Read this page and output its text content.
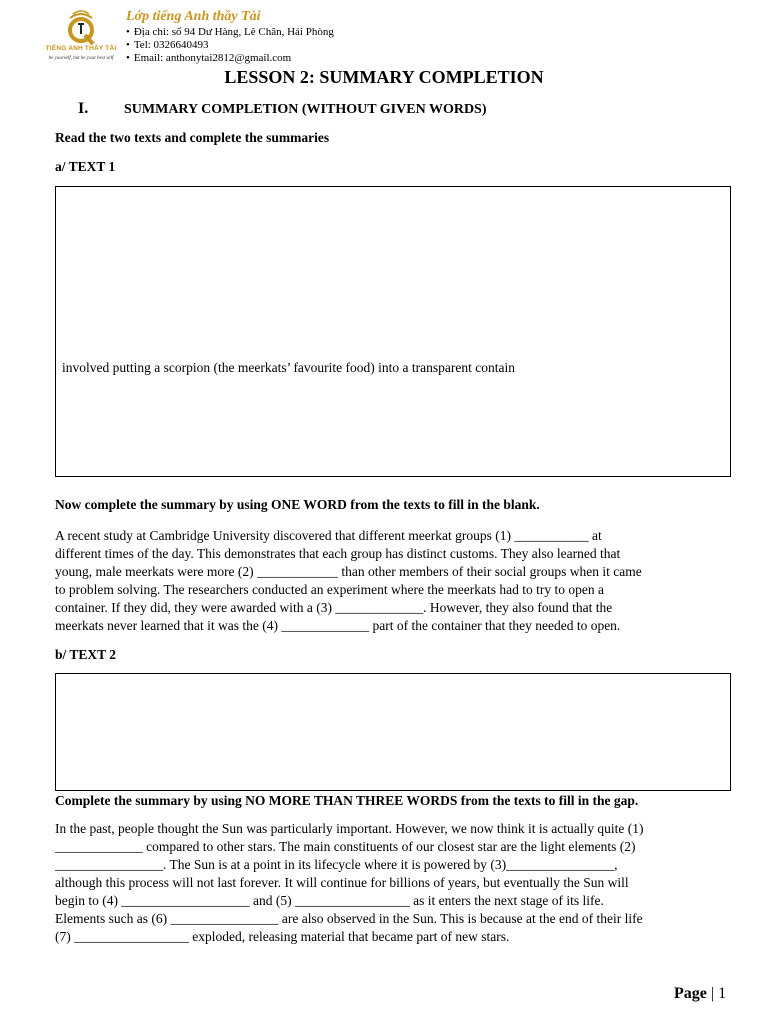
TIẾNG ANH THẦY TÀI
be yourself, but be your best self
Lớp tiếng Anh thầy Tài
• Địa chỉ: số 94 Dư Hàng, Lê Chân, Hải Phòng
• Tel: 0326640493
• Email: anthonytai2812@gmail.com
LESSON 2: SUMMARY COMPLETION
I.	SUMMARY COMPLETION (WITHOUT GIVEN WORDS)
Read the two texts and complete the summaries
a/ TEXT 1
involved putting a scorpion (the meerkats’ favourite food) into a transparent contain
Now complete the summary by using ONE WORD from the texts to fill in the blank.

A recent study at Cambridge University discovered that different meerkat groups (1) ___________ at
different times of the day. This demonstrates that each group has distinct customs. They also learned that
young, male meerkats were more (2) ____________ than other members of their social groups when it came
to problem solving. The researchers conducted an experiment where the meerkats had to try to open a
container. If they did, they were awarded with a (3) _____________. However, they also found that the
meerkats never learned that it was the (4) _____________ part of the container that they needed to open.

b/ TEXT 2
Complete the summary by using NO MORE THAN THREE WORDS from the texts to fill in the gap.

In the past, people thought the Sun was particularly important. However, we now think it is actually quite (1)
_____________ compared to other stars. The main constituents of our closest star are the light elements (2)
________________. The Sun is at a point in its lifecycle where it is powered by (3)________________,
although this process will not last forever. It will continue for billions of years, but eventually the Sun will
begin to (4) ___________________ and (5) _________________ as it enters the next stage of its life.
Elements such as (6) ________________ are also observed in the Sun. This is because at the end of their life
(7) _________________ exploded, releasing material that became part of new stars.

Page | 1
